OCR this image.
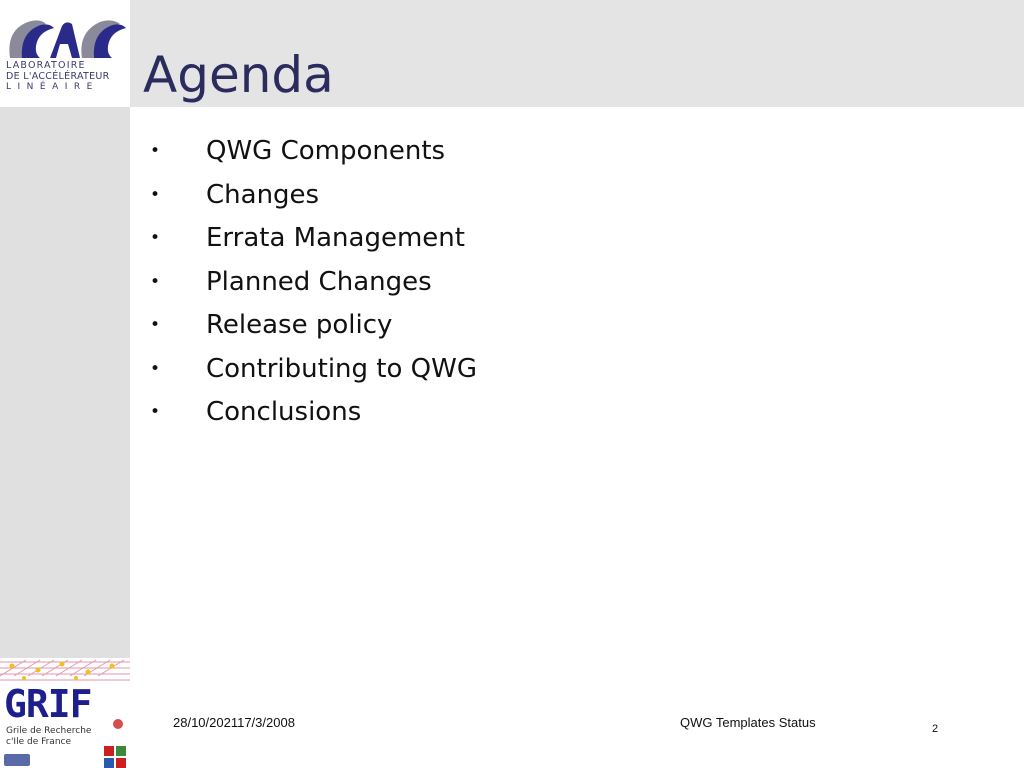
LABORATOIRE
DE L'ACCÉLÉRATEUR
LINÉAIRE Agenda
• QWG Components
• Changes
• Errata Management
• Planned Changes
• Release policy
• Contributing to QWG
• Conclusions
GRIF
Grile de Recherche
c'Ile de France
28/10/202117/3/2008	QWG Templates Status	2
